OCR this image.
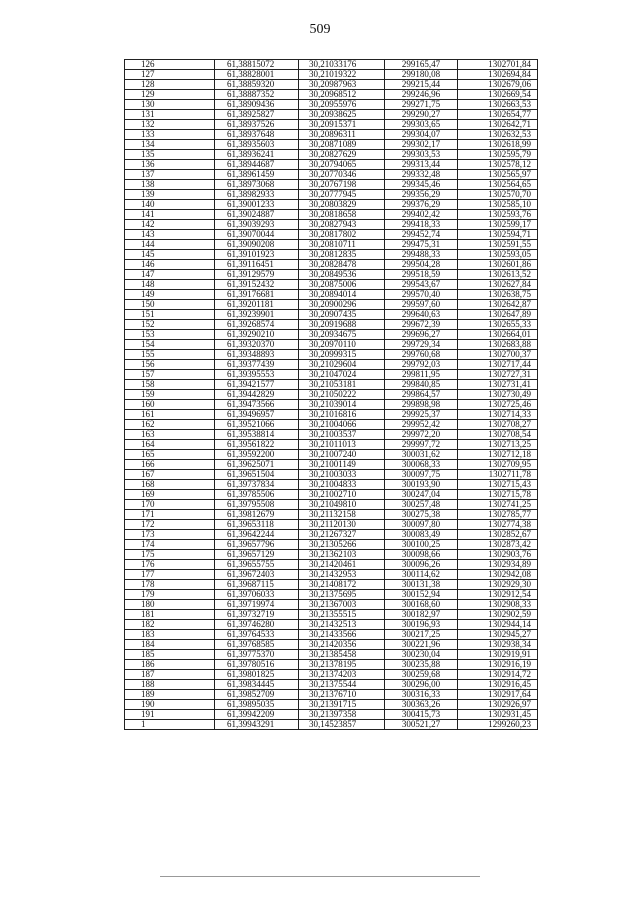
509
126	61,38815072	30,21033176	299165,47	1302701,84
127	61,38828001	30,21019322	299180,08	1302694,84
128	61,38859320	30,20987963	299215,44	1302679,06
129	61,38887352	30,20968512	299246,96	1302669,54
130	61,38909436	30,20955976	299271,75	1302663,53
131	61,38925827	30,20938625	299290,27	1302654,77
132	61,38937526	30,20915371	299303,65	1302642,71
133	61,38937648	30,20896311	299304,07	1302632,53
134	61,38935603	30,20871089	299302,17	1302618,99
135	61,38936241	30,20827629	299303,53	1302595,79
136	61,38944687	30,20794065	299313,44	1302578,12
137	61,38961459	30,20770346	299332,48	1302565,97
138	61,38973068	30,20767198	299345,46	1302564,65
139	61,38982933	30,20777945	299356,29	1302570,70
140	61,39001233	30,20803829	299376,29	1302585,10
141	61,39024887	30,20818658	299402,42	1302593,76
142	61,39039293	30,20827943	299418,33	1302599,17
143	61,39070044	30,20817802	299452,74	1302594,71
144	61,39090208	30,20810711	299475,31	1302591,55
145	61,39101923	30,20812835	299488,33	1302593,05
146	61,39116451	30,20828478	299504,28	1302601,86
147	61,39129579	30,20849536	299518,59	1302613,52
148	61,39152432	30,20875006	299543,67	1302627,84
149	61,39176681	30,20894014	299570,40	1302638,75
150	61,39201181	30,20900296	299597,60	1302642,87
151	61,39239901	30,20907435	299640,63	1302647,89
152	61,39268574	30,20919688	299672,39	1302655,33
153	61,39290210	30,20934675	299696,27	1302664,01
154	61,39320370	30,20970110	299729,34	1302683,88
155	61,39348893	30,20999315	299760,68	1302700,37
156	61,39377439	30,21029604	299792,03	1302717,44
157	61,39395553	30,21047024	299811,95	1302727,31
158	61,39421577	30,21053181	299840,85	1302731,41
159	61,39442829	30,21050222	299864,57	1302730,49
160	61,39473566	30,21039014	299898,98	1302725,46
161	61,39496957	30,21016816	299925,37	1302714,33
162	61,39521066	30,21004066	299952,42	1302708,27
163	61,39538814	30,21003537	299972,20	1302708,54
164	61,39561822	30,21011013	299997,72	1302713,25
165	61,39592200	30,21007240	300031,62	1302712,18
166	61,39625071	30,21001149	300068,33	1302709,95
167	61,39651504	30,21003033	300097,75	1302711,78
168	61,39737834	30,21004833	300193,90	1302715,43
169	61,39785506	30,21002710	300247,04	1302715,78
170	61,39795508	30,21049810	300257,48	1302741,25
171	61,39812679	30,21132158	300275,38	1302785,77
172	61,39653118	30,21120130	300097,80	1302774,38
173	61,39642244	30,21267327	300083,49	1302852,67
174	61,39657796	30,21305266	300100,25	1302873,42
175	61,39657129	30,21362103	300098,66	1302903,76
176	61,39655755	30,21420461	300096,26	1302934,89
177	61,39672403	30,21432953	300114,62	1302942,08
178	61,39687115	30,21408172	300131,38	1302929,30
179	61,39706033	30,21375695	300152,94	1302912,54
180	61,39719974	30,21367003	300168,60	1302908,33
181	61,39732719	30,21355515	300182,97	1302902,59
182	61,39746280	30,21432513	300196,93	1302944,14
183	61,39764533	30,21433566	300217,25	1302945,27
184	61,39768585	30,21420356	300221,96	1302938,34
185	61,39775370	30,21385458	300230,04	1302919,91
186	61,39780516	30,21378195	300235,88	1302916,19
187	61,39801825	30,21374203	300259,68	1302914,72
188	61,39834445	30,21375544	300296,00	1302916,45
189	61,39852709	30,21376710	300316,33	1302917,64
190	61,39895035	30,21391715	300363,26	1302926,97
191	61,39942209	30,21397358	300415,73	1302931,45
1	61,39943291	30,14523857	300521,27	1299260,23
